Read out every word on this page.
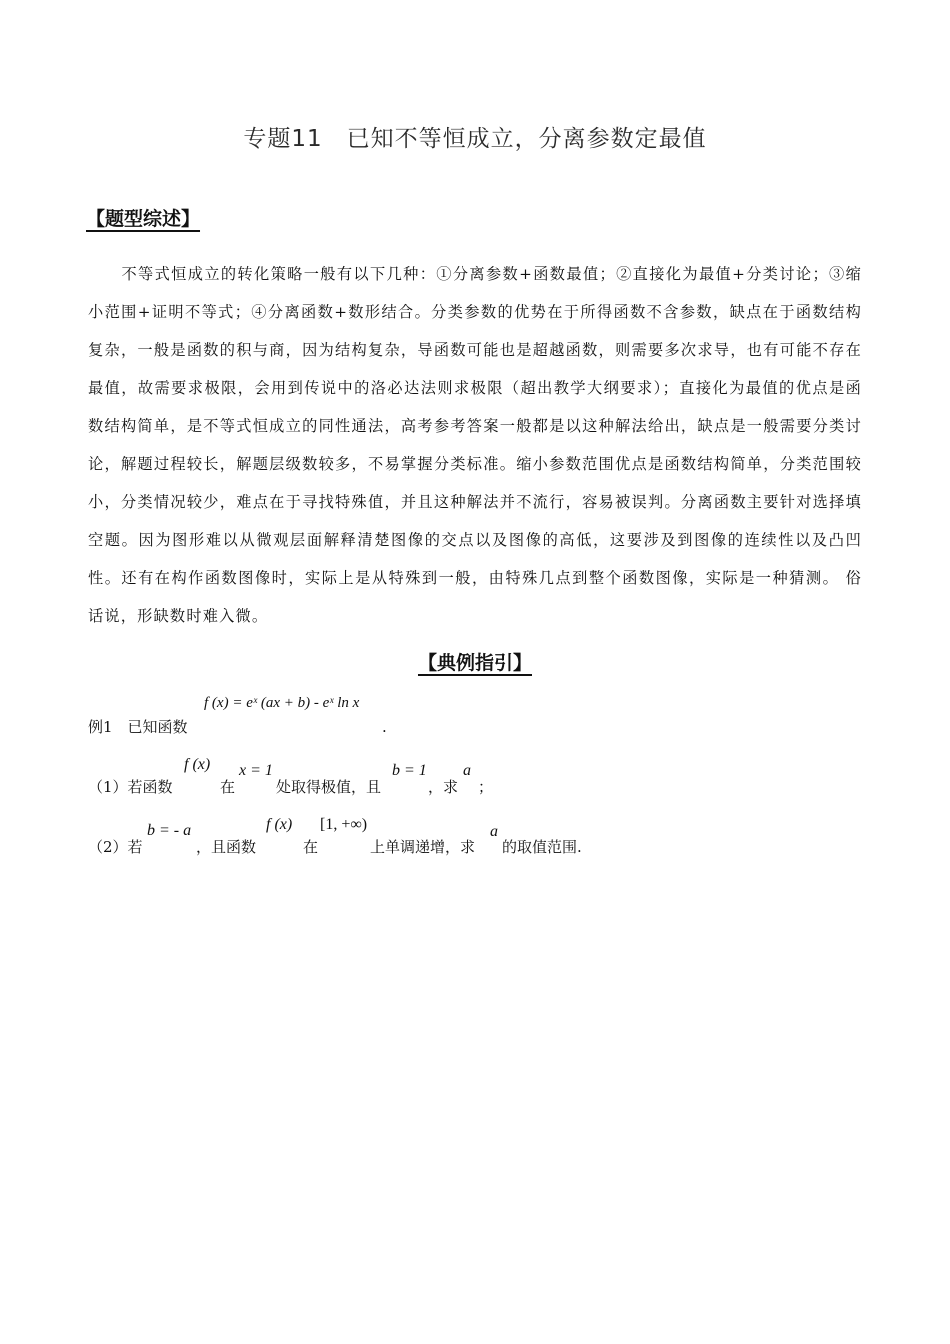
专题11　已知不等恒成立，分离参数定最值
【题型综述】

不等式恒成立的转化策略一般有以下几种：①分离参数+函数最值；②直接化为最值+分类讨论；③缩小范围+证明不等式；④分离函数+数形结合。分类参数的优势在于所得函数不含参数，缺点在于函数结构复杂，一般是函数的积与商，因为结构复杂，导函数可能也是超越函数，则需要多次求导，也有可能不存在最值，故需要求极限，会用到传说中的洛必达法则求极限（超出教学大纲要求）；直接化为最值的优点是函数结构简单，是不等式恒成立的同性通法，高考参考答案一般都是以这种解法给出，缺点是一般需要分类讨论，解题过程较长，解题层级数较多，不易掌握分类标准。缩小参数范围优点是函数结构简单，分类范围较小，分类情况较少，难点在于寻找特殊值，并且这种解法并不流行，容易被误判。分离函数主要针对选择填空题。因为图形难以从微观层面解释清楚图像的交点以及图像的高低，这要涉及到图像的连续性以及凸凹性。还有在构作函数图像时，实际上是从特殊到一般，由特殊几点到整个函数图像，实际是一种猜测。 俗话说，形缺数时难入微。

【典例指引】
例1　已知函数
f (x) = eˣ (ax + b) - eˣ ln x
.
（1）若函数
f (x)
在
x = 1
处取得极值，且
b = 1
，求
a
；
（2）若
b = - a
，且函数
f (x)
在
[1, +∞)
上单调递增，求
a
的取值范围.
